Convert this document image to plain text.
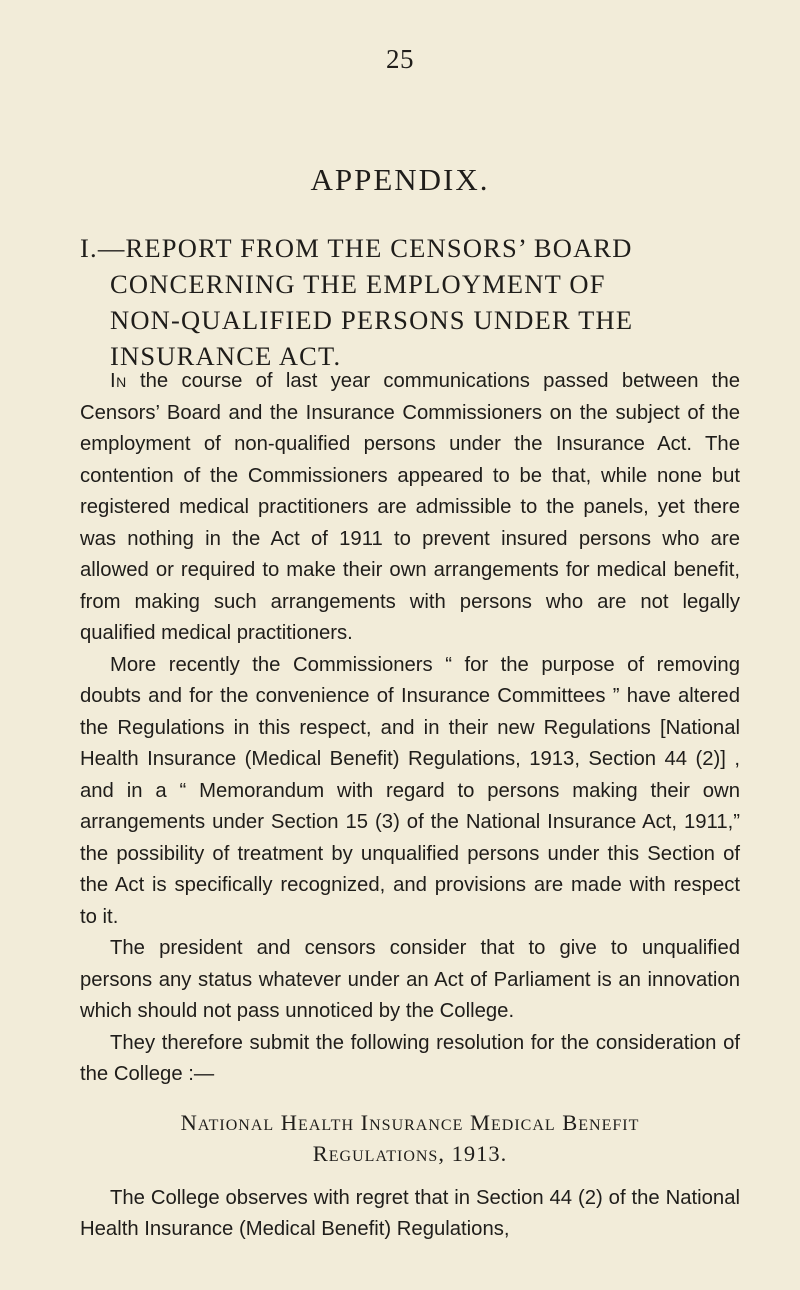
25
APPENDIX.
I.—REPORT FROM THE CENSORS’ BOARD
CONCERNING THE EMPLOYMENT OF
NON-QUALIFIED PERSONS UNDER THE
INSURANCE ACT.

In the course of last year communications passed between the Censors’ Board and the Insurance Commissioners on the subject of the employment of non-qualified persons under the Insurance Act. The contention of the Commissioners appeared to be that, while none but registered medical practitioners are admissible to the panels, yet there was nothing in the Act of 1911 to prevent insured persons who are allowed or required to make their own arrangements for medical benefit, from making such arrangements with persons who are not legally qualified medical practitioners.

More recently the Commissioners “ for the purpose of removing doubts and for the convenience of Insurance Committees ” have altered the Regulations in this respect, and in their new Regulations [National Health Insurance (Medical Benefit) Regulations, 1913, Section 44 (2)] , and in a “ Memorandum with regard to persons making their own arrangements under Section 15 (3) of the National Insurance Act, 1911,” the possibility of treatment by unqualified persons under this Section of the Act is specifically recognized, and provisions are made with respect to it.

The president and censors consider that to give to unqualified persons any status whatever under an Act of Parliament is an innovation which should not pass unnoticed by the College.

They therefore submit the following resolution for the consideration of the College :—

National Health Insurance Medical Benefit
Regulations, 1913.

The College observes with regret that in Section 44 (2) of the National Health Insurance (Medical Benefit) Regulations,
